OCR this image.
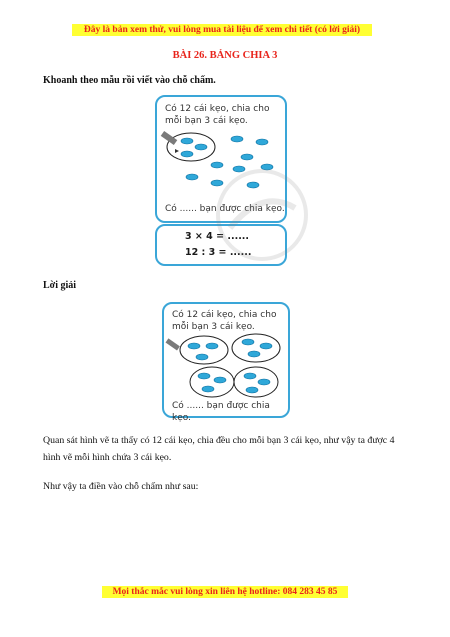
Đây là bản xem thử, vui lòng mua tài liệu để xem chi tiết (có lời giải)
BÀI 26. BẢNG CHIA 3
Khoanh theo mẫu rồi viết vào chỗ chấm.
Có 12 cái kẹo, chia cho
mỗi bạn 3 cái kẹo.
Có ...... bạn được chia kẹo.
3 × 4 = ......
12 : 3 = ......
Lời giải
Có 12 cái kẹo, chia cho
mỗi bạn 3 cái kẹo.
Có ...... bạn được chia kẹo.
Quan sát hình vẽ ta thấy có 12 cái kẹo, chia đều cho mỗi bạn 3 cái kẹo, như vậy ta được 4 hình vẽ mỗi hình chứa 3 cái kẹo.
Như vậy ta điền vào chỗ chấm như sau:
Mọi thắc mắc vui lòng xin liên hệ hotline: 084 283 45 85
